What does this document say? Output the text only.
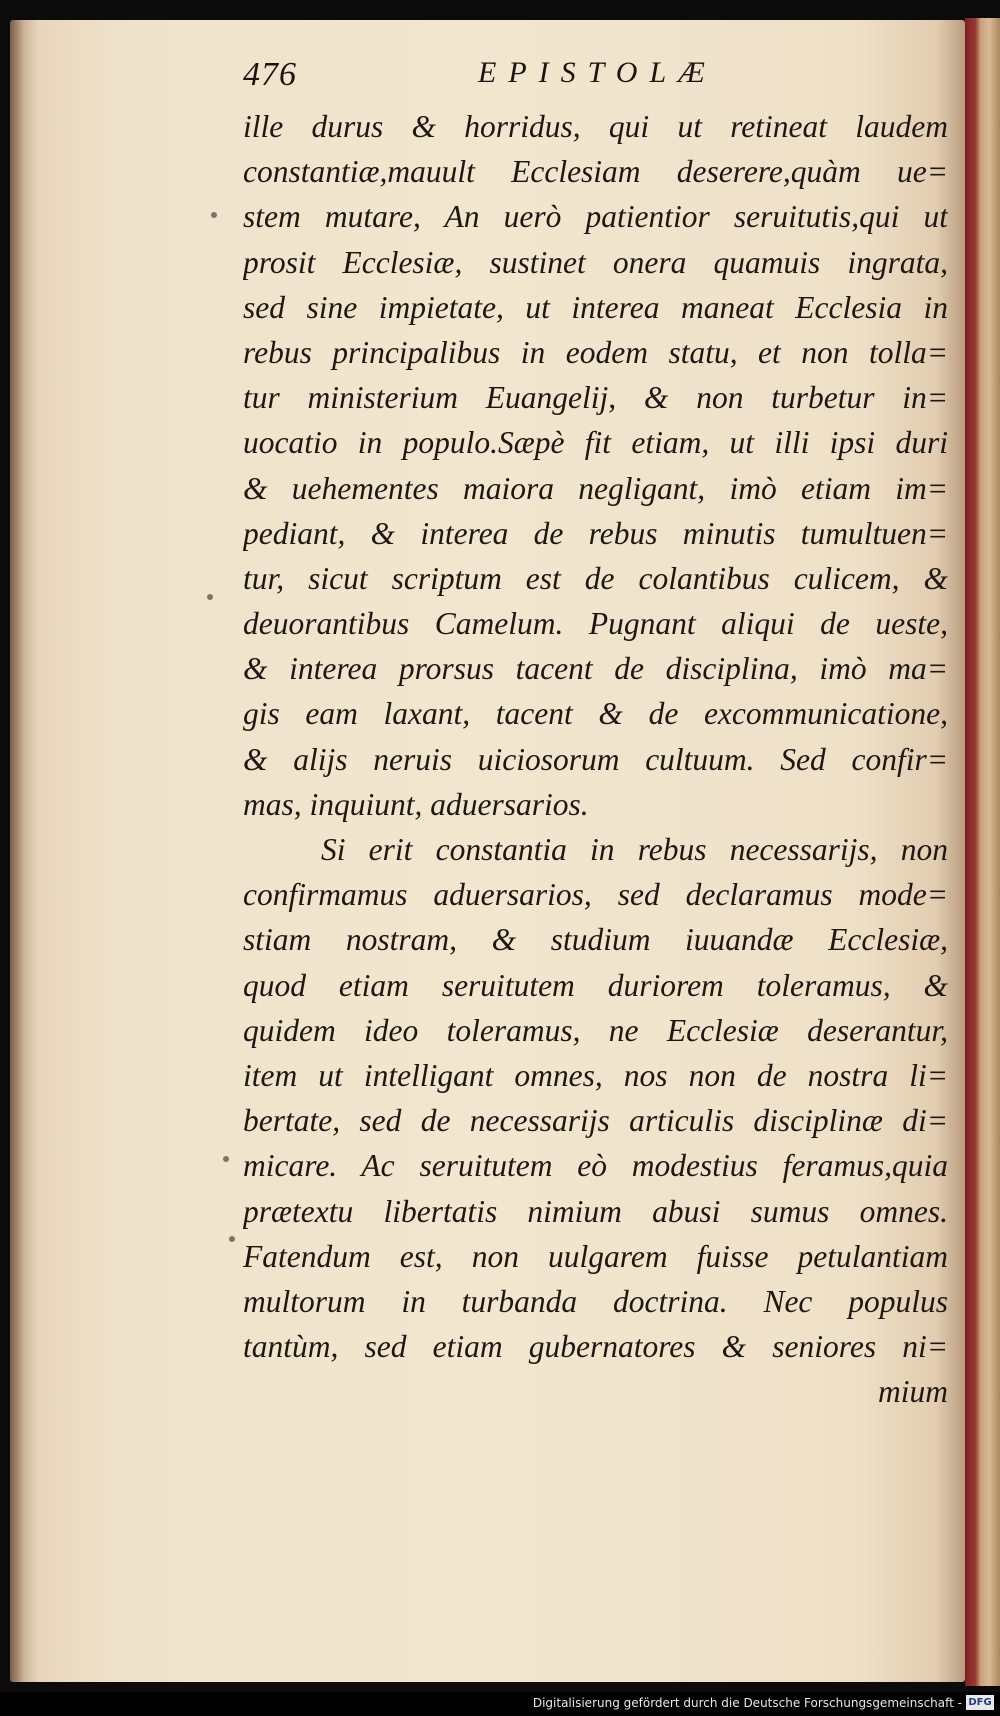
476	EPISTOLÆ
ille durus & horridus, qui ut retineat laudem
constantiæ,mauult Ecclesiam deserere,quàm ue=
stem mutare, An uerò patientior seruitutis,qui ut
prosit Ecclesiæ, sustinet onera quamuis ingrata,
sed sine impietate, ut interea maneat Ecclesia in
rebus principalibus in eodem statu, et non tolla=
tur ministerium Euangelij, & non turbetur in=
uocatio in populo.Sæpè fit etiam, ut illi ipsi duri
& uehementes maiora negligant, imò etiam im=
pediant, & interea de rebus minutis tumultuen=
tur, sicut scriptum est de colantibus culicem, &
deuorantibus Camelum. Pugnant aliqui de ueste,
& interea prorsus tacent de disciplina, imò ma=
gis eam laxant, tacent & de excommunicatione,
& alijs neruis uiciosorum cultuum. Sed confir=
mas, inquiunt, aduersarios.
Si erit constantia in rebus necessarijs, non
confirmamus aduersarios, sed declaramus mode=
stiam nostram, & studium iuuandæ Ecclesiæ,
quod etiam seruitutem duriorem toleramus, &
quidem ideo toleramus, ne Ecclesiæ deserantur,
item ut intelligant omnes, nos non de nostra li=
bertate, sed de necessarijs articulis disciplinæ di=
micare. Ac seruitutem eò modestius feramus,quia
prætextu libertatis nimium abusi sumus omnes.
Fatendum est, non uulgarem fuisse petulantiam
multorum in turbanda doctrina. Nec populus
tantùm, sed etiam gubernatores & seniores ni=
mium
Digitalisierung gefördert durch die Deutsche Forschungsgemeinschaft - DFG
